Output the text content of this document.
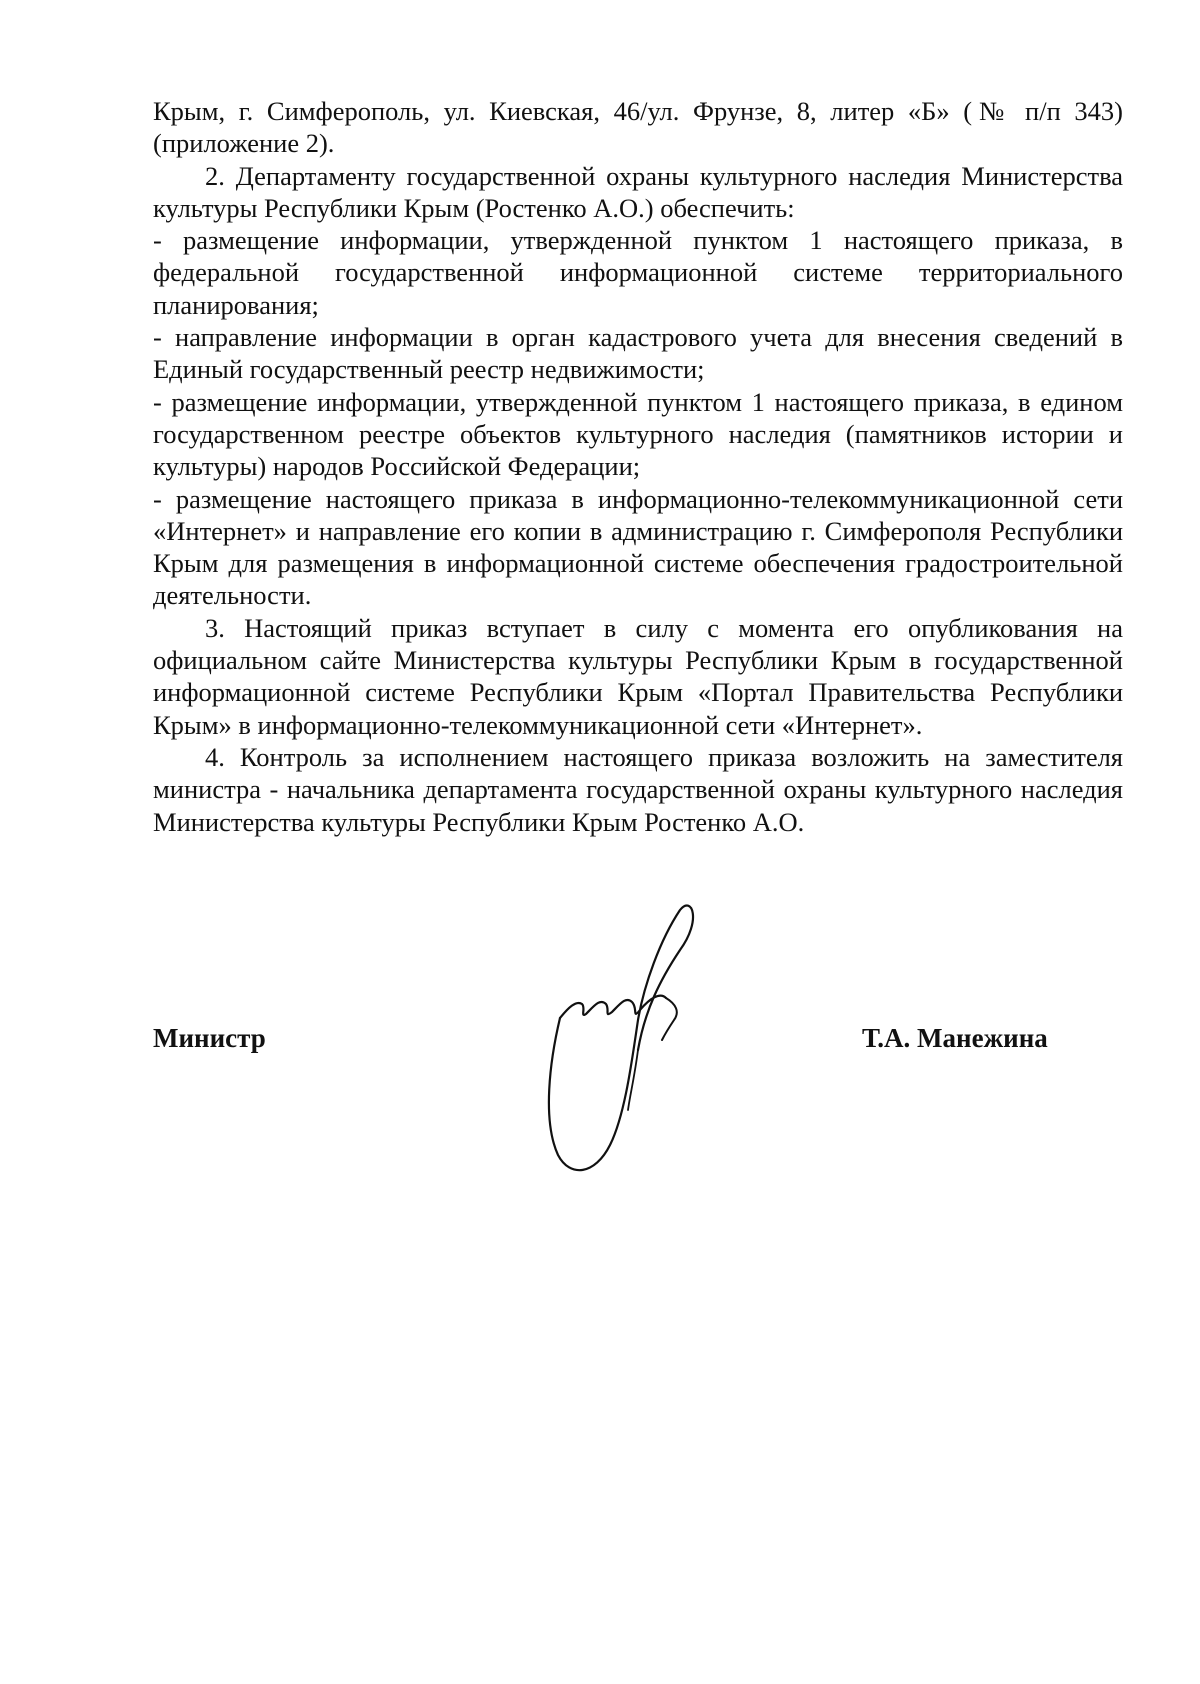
Крым, г. Симферополь, ул. Киевская, 46/ул. Фрунзе, 8, литер «Б» (№ п/п 343) (приложение 2).

2. Департаменту государственной охраны культурного наследия Министерства культуры Республики Крым (Ростенко А.О.) обеспечить:

- размещение информации, утвержденной пунктом 1 настоящего приказа, в федеральной государственной информационной системе территориального планирования;

- направление информации в орган кадастрового учета для внесения сведений в Единый государственный реестр недвижимости;

- размещение информации, утвержденной пунктом 1 настоящего приказа, в едином государственном реестре объектов культурного наследия (памятников истории и культуры) народов Российской Федерации;

- размещение настоящего приказа в информационно-телекоммуникационной сети «Интернет» и направление его копии в администрацию г. Симферополя Республики Крым для размещения в информационной системе обеспечения градостроительной деятельности.

3. Настоящий приказ вступает в силу с момента его опубликования на официальном сайте Министерства культуры Республики Крым в государственной информационной системе Республики Крым «Портал Правительства Республики Крым» в информационно-телекоммуникационной сети «Интернет».

4. Контроль за исполнением настоящего приказа возложить на заместителя министра - начальника департамента государственной охраны культурного наследия Министерства культуры Республики Крым Ростенко А.О.

Министр	Т.А. Манежина
